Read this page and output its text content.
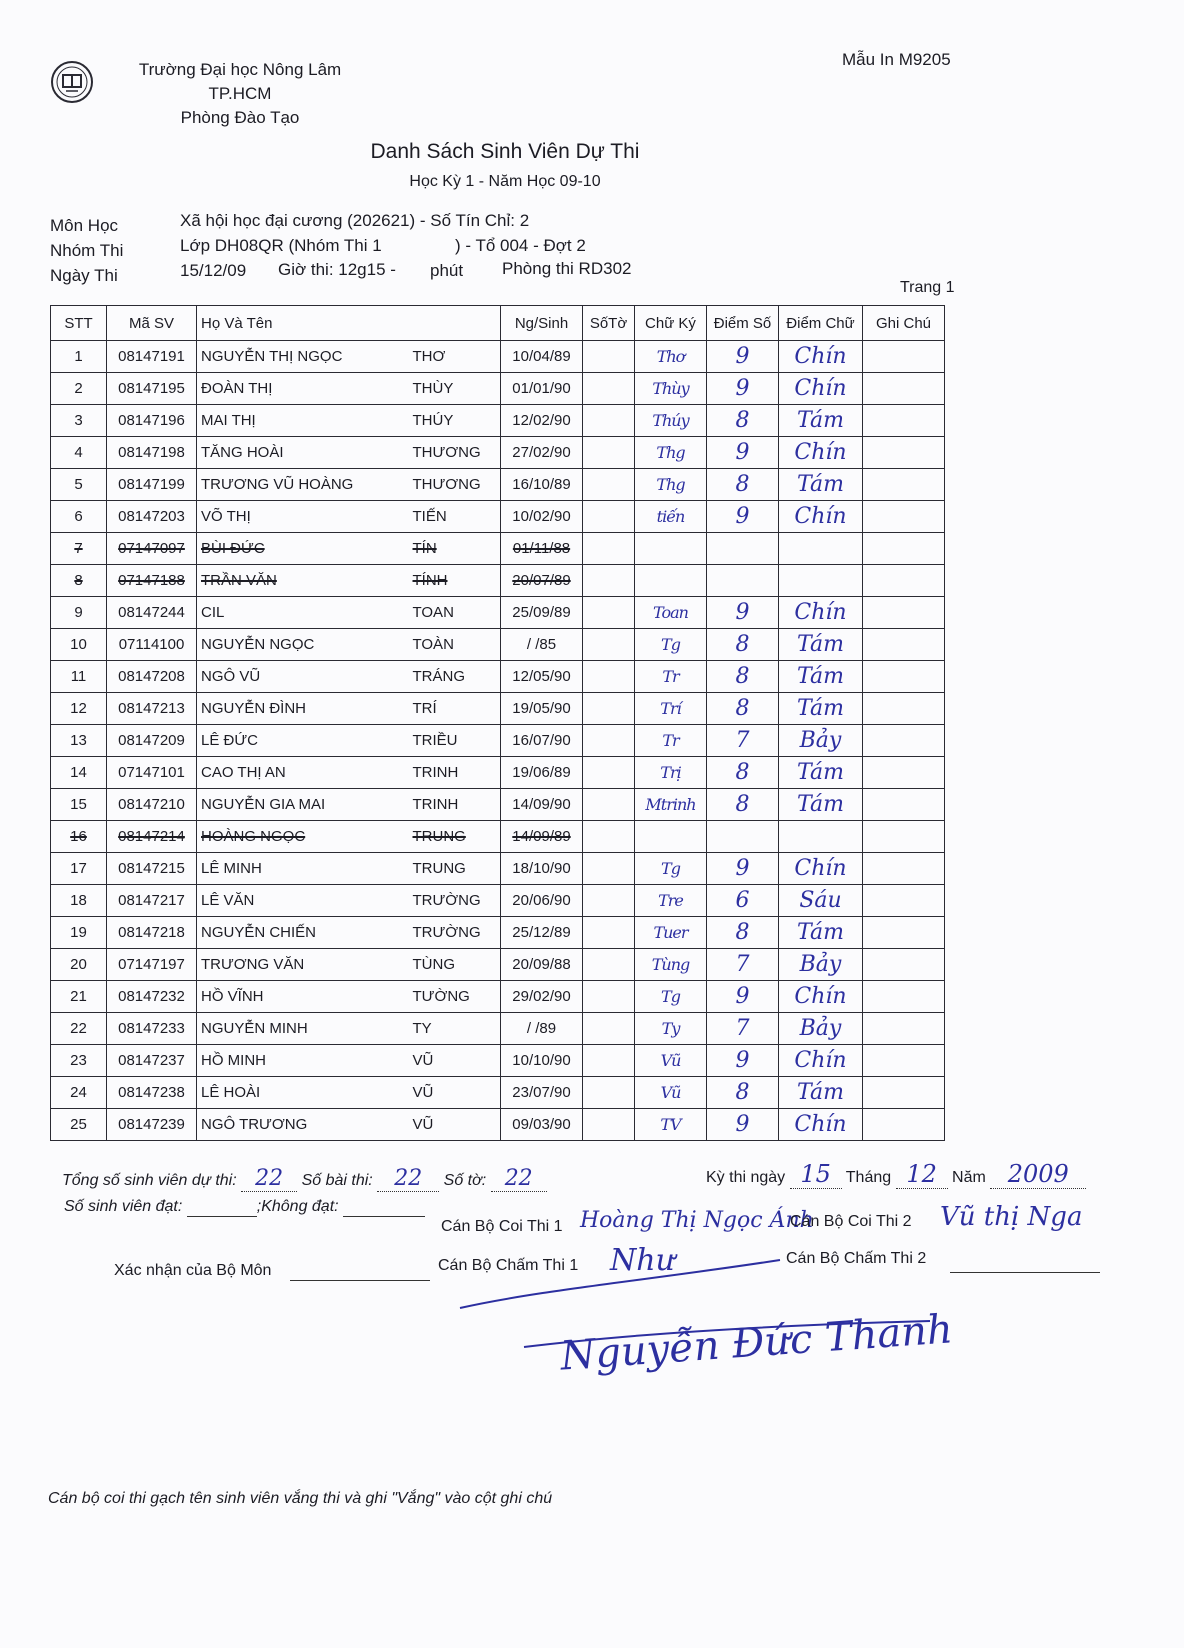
Trường Đại học Nông Lâm
TP.HCM
Phòng Đào Tạo
Mẫu In M9205
Danh Sách Sinh Viên Dự Thi
Học Kỳ 1 - Năm Học 09-10
Môn Học	Xã hội học đại cương (202621) - Số Tín Chỉ: 2
Nhóm Thi	Lớp DH08QR (Nhóm Thi 1	) - Tổ 004 - Đợt 2
Ngày Thi	15/12/09 Giờ thi: 12g15 - phút Phòng thi RD302
Trang 1
STT	Mã SV	Họ Và Tên		Ng/Sinh	SốTờ	Chữ Ký	Điểm Số	Điểm Chữ	Ghi Chú
1	08147191	NGUYỄN THỊ NGỌC	THƠ	10/04/89		Thơ	9	Chín	
2	08147195	ĐOÀN THỊ	THÙY	01/01/90		Thùy	9	Chín	
3	08147196	MAI THỊ	THÚY	12/02/90		Thúy	8	Tám	
4	08147198	TĂNG HOÀI	THƯƠNG	27/02/90		Thg	9	Chín	
5	08147199	TRƯƠNG VŨ HOÀNG	THƯƠNG	16/10/89		Thg	8	Tám	
6	08147203	VÕ THỊ	TIẾN	10/02/90		tiến	9	Chín	
7	07147097	BÙI ĐỨC	TÍN	01/11/88					
8	07147188	TRẦN VĂN	TÍNH	20/07/89					
9	08147244	CIL	TOAN	25/09/89		Toan	9	Chín	
10	07114100	NGUYỄN NGỌC	TOÀN	/ /85		Tg	8	Tám	
11	08147208	NGÔ VŨ	TRÁNG	12/05/90		Tr	8	Tám	
12	08147213	NGUYỄN ĐÌNH	TRÍ	19/05/90		Trí	8	Tám	
13	08147209	LÊ ĐỨC	TRIỀU	16/07/90		Tr	7	Bảy	
14	07147101	CAO THỊ AN	TRINH	19/06/89		Trị	8	Tám	
15	08147210	NGUYỄN GIA MAI	TRINH	14/09/90		Mtrinh	8	Tám	
16	08147214	HOÀNG NGỌC	TRUNG	14/09/89					
17	08147215	LÊ MINH	TRUNG	18/10/90		Tg	9	Chín	
18	08147217	LÊ VĂN	TRƯỜNG	20/06/90		Tre	6	Sáu	
19	08147218	NGUYỄN CHIẾN	TRƯỜNG	25/12/89		Tuer	8	Tám	
20	07147197	TRƯƠNG VĂN	TÙNG	20/09/88		Tùng	7	Bảy	
21	08147232	HỒ VĨNH	TƯỜNG	29/02/90		Tg	9	Chín	
22	08147233	NGUYỄN MINH	TY	/ /89		Ty	7	Bảy	
23	08147237	HỒ MINH	VŨ	10/10/90		Vũ	9	Chín	
24	08147238	LÊ HOÀI	VŨ	23/07/90		Vũ	8	Tám	
25	08147239	NGÔ TRƯƠNG	VŨ	09/03/90		TV	9	Chín	
Tổng số sinh viên dự thi: 22 Số bài thi: 22 Số tờ: 22	Kỳ thi ngày 15 Tháng 12 Năm 2009
Số sinh viên đạt:	;Không đạt:
Cán Bộ Coi Thi 1 Hoàng Thị Ngọc Ánh
Cán Bộ Coi Thi 2 Vũ thị Nga
Xác nhận của Bộ Môn
	Cán Bộ Chấm Thi 1 Như	Cán Bộ Chấm Thi 2

Nguyễn Đức Thanh
Cán bộ coi thi gạch tên sinh viên vắng thi và ghi "Vắng" vào cột ghi chú
